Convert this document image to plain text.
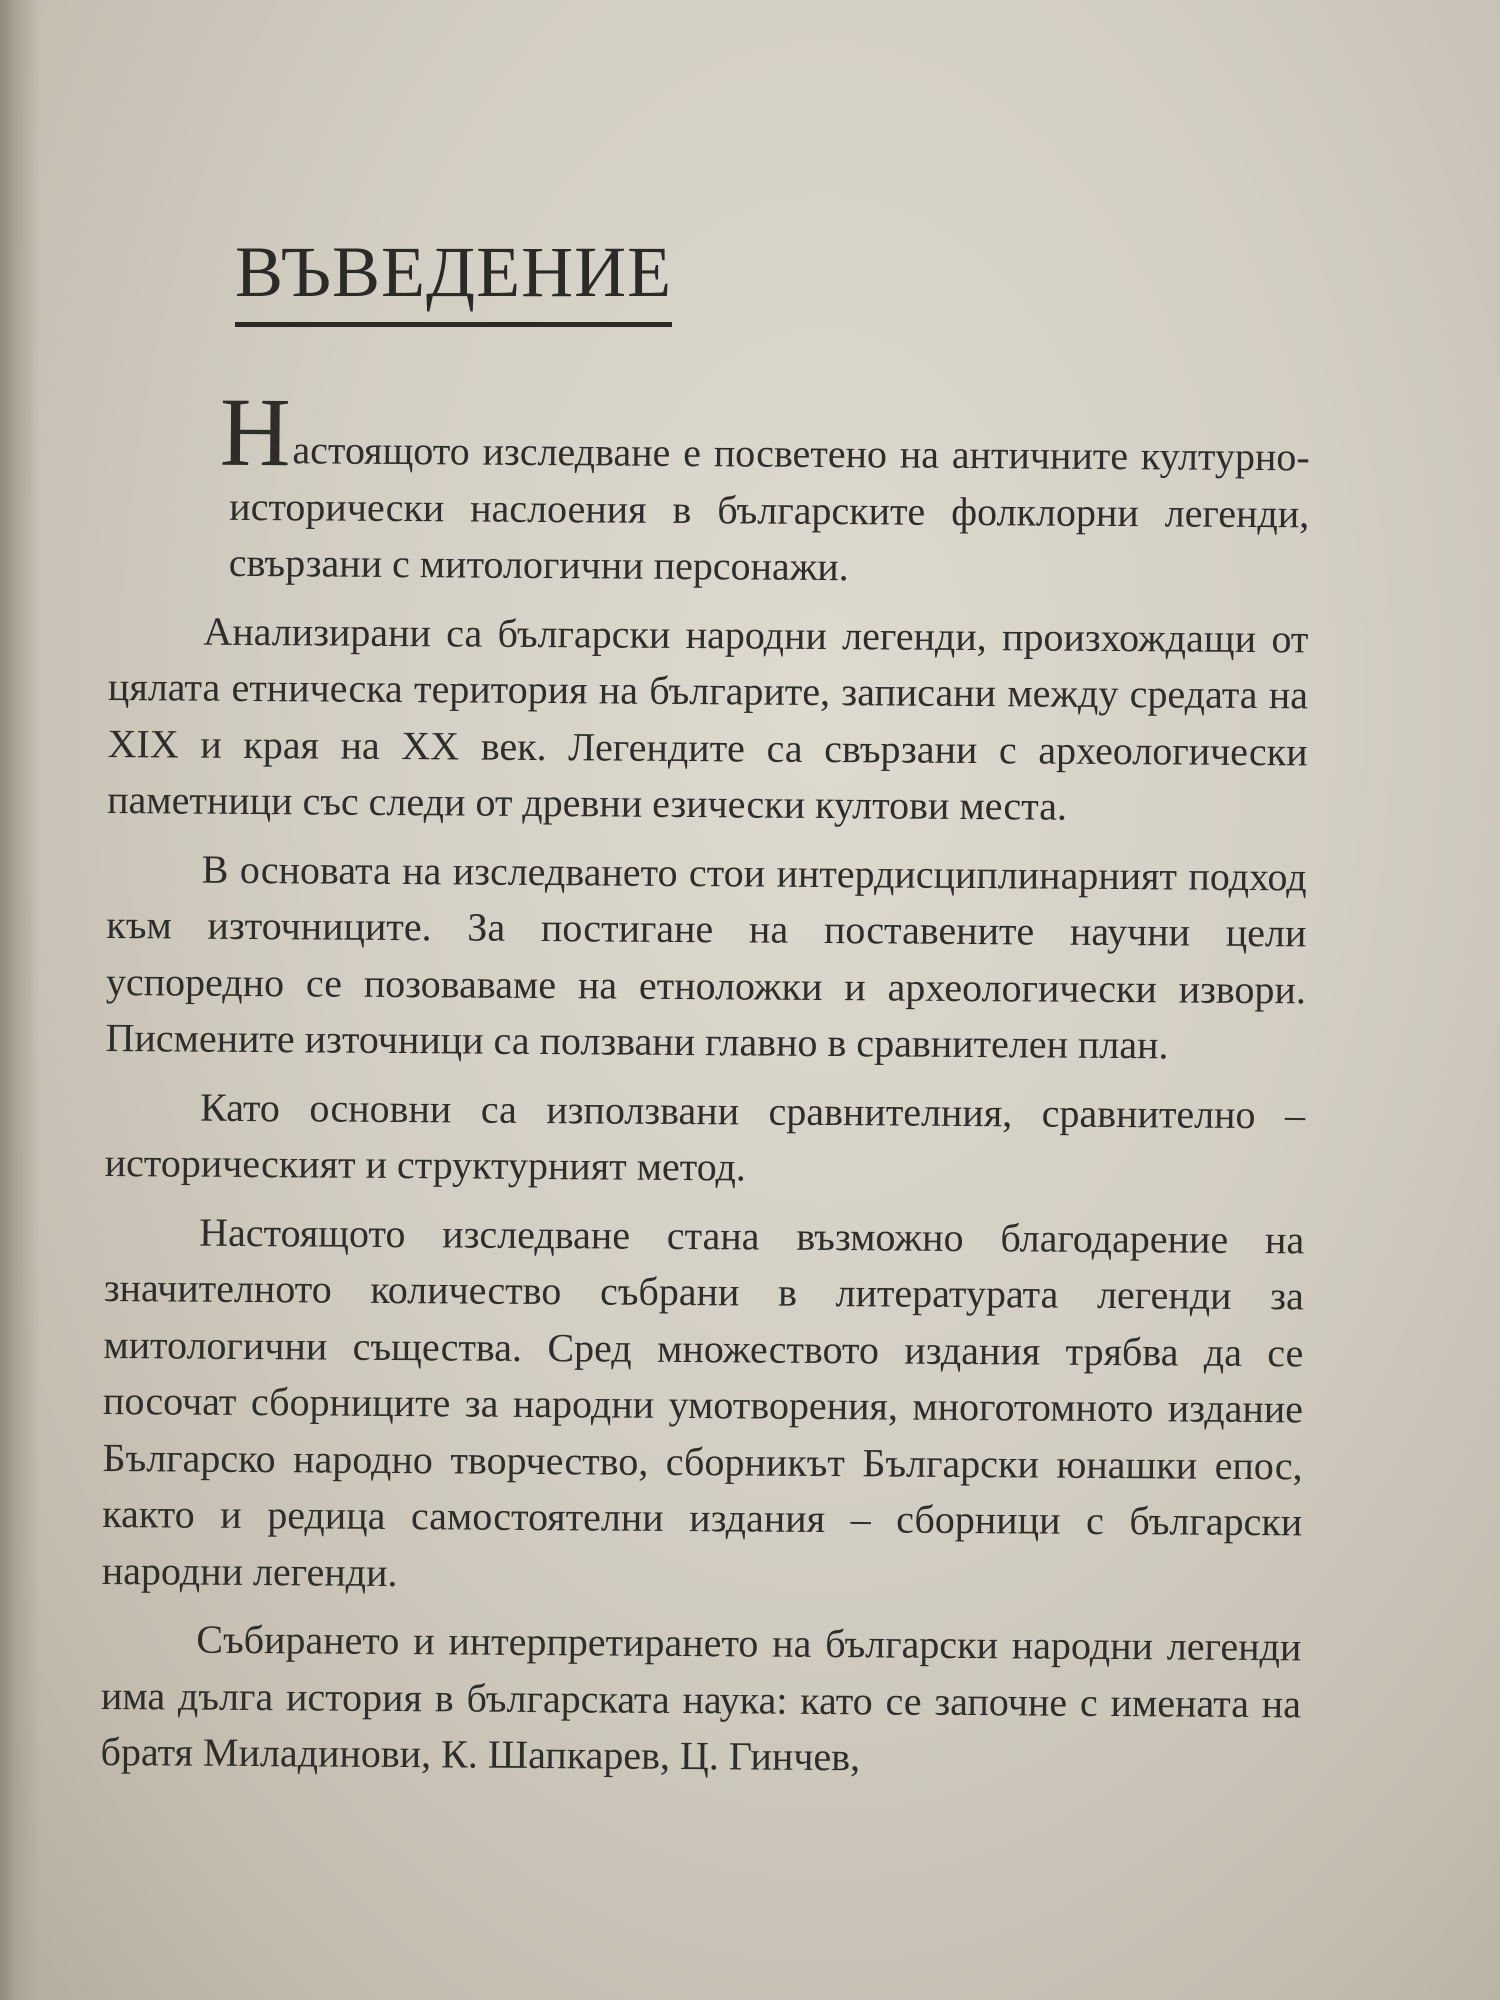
ВЪВЕДЕНИЕ

Настоящото изследване е посветено на античните културно-исторически наслоения в българските фолклорни легенди, свързани с митологични персонажи.

Анализирани са български народни легенди, произхождащи от цялата етническа територия на българите, записани между средата на XIX и края на XX век. Легендите са свързани с археологически паметници със следи от древни езически култови места.

В основата на изследването стои интердисциплинарният подход към източниците. За постигане на поставените научни цели успоредно се позоваваме на етноложки и археологически извори. Писмените източници са ползвани главно в сравнителен план.

Като основни са използвани сравнителния, сравнително – историческият и структурният метод.

Настоящото изследване стана възможно благодарение на значителното количество събрани в литературата легенди за митологични същества. Сред множеството издания трябва да се посочат сборниците за народни умотворения, многотомното издание Българско народно творчество, сборникът Български юнашки епос, както и редица самостоятелни издания – сборници с български народни легенди.

Събирането и интерпретирането на български народни легенди има дълга история в българската наука: като се започне с имената на братя Миладинови, К. Шапкарев, Ц. Гинчев,
